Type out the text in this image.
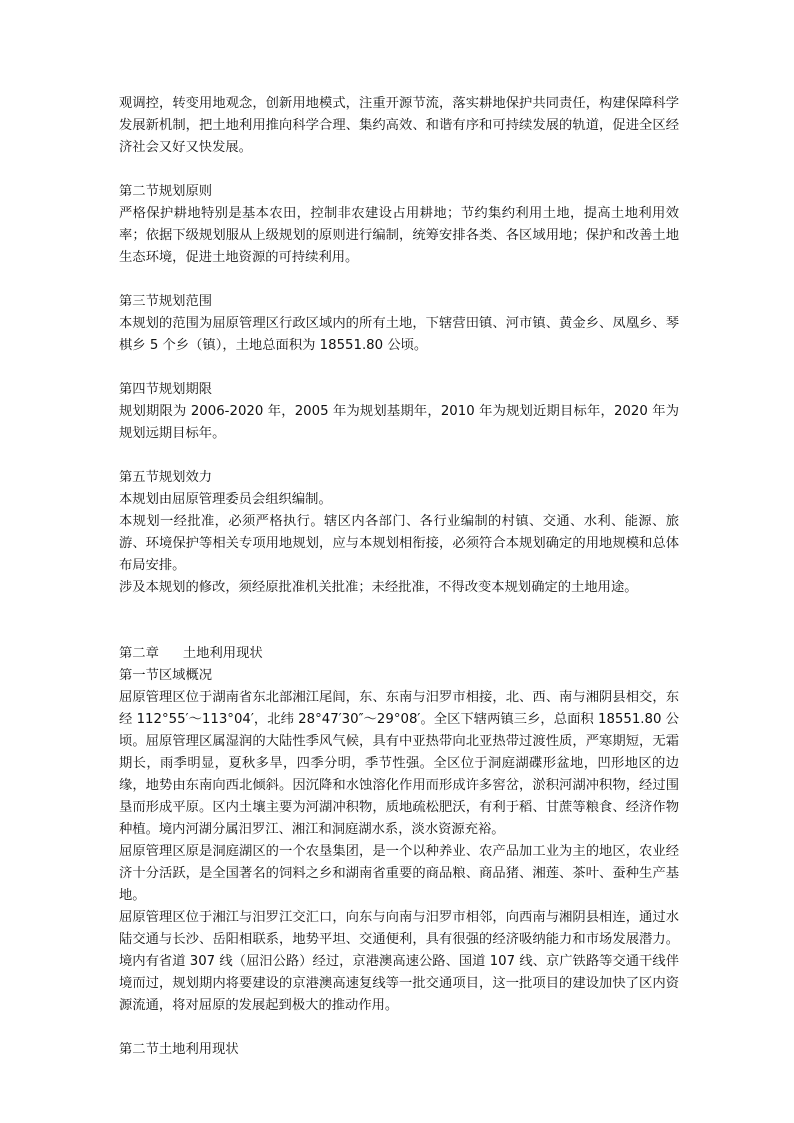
观调控，转变用地观念，创新用地模式，注重开源节流，落实耕地保护共同责任，构建保障科学发展新机制，把土地利用推向科学合理、集约高效、和谐有序和可持续发展的轨道，促进全区经济社会又好又快发展。

第二节规划原则

严格保护耕地特别是基本农田，控制非农建设占用耕地；节约集约利用土地，提高土地利用效率；依据下级规划服从上级规划的原则进行编制，统筹安排各类、各区域用地；保护和改善土地生态环境，促进土地资源的可持续利用。

第三节规划范围

本规划的范围为屈原管理区行政区域内的所有土地，下辖营田镇、河市镇、黄金乡、凤凰乡、琴棋乡 5 个乡（镇），土地总面积为 18551.80 公顷。

第四节规划期限

规划期限为 2006-2020 年，2005 年为规划基期年，2010 年为规划近期目标年，2020 年为规划远期目标年。

第五节规划效力

本规划由屈原管理委员会组织编制。

本规划一经批准，必须严格执行。辖区内各部门、各行业编制的村镇、交通、水利、能源、旅游、环境保护等相关专项用地规划，应与本规划相衔接，必须符合本规划确定的用地规模和总体布局安排。

涉及本规划的修改，须经原批准机关批准；未经批准，不得改变本规划确定的土地用途。

第二章 土地利用现状

第一节区域概况

屈原管理区位于湖南省东北部湘江尾闾，东、东南与汨罗市相接，北、西、南与湘阴县相交，东经 112°55′～113°04′，北纬 28°47′30″～29°08′。全区下辖两镇三乡，总面积 18551.80 公顷。屈原管理区属湿润的大陆性季风气候，具有中亚热带向北亚热带过渡性质，严寒期短，无霜期长，雨季明显，夏秋多旱，四季分明，季节性强。全区位于洞庭湖碟形盆地，凹形地区的边缘，地势由东南向西北倾斜。因沉降和水蚀溶化作用而形成许多窖岔，淤积河湖冲积物，经过围垦而形成平原。区内土壤主要为河湖冲积物，质地疏松肥沃，有利于稻、甘蔗等粮食、经济作物种植。境内河湖分属汨罗江、湘江和洞庭湖水系，淡水资源充裕。

屈原管理区原是洞庭湖区的一个农垦集团，是一个以种养业、农产品加工业为主的地区，农业经济十分活跃，是全国著名的饲料之乡和湖南省重要的商品粮、商品猪、湘莲、茶叶、蚕种生产基地。

屈原管理区位于湘江与汨罗江交汇口，向东与向南与汨罗市相邻，向西南与湘阴县相连，通过水陆交通与长沙、岳阳相联系，地势平坦、交通便利，具有很强的经济吸纳能力和市场发展潜力。境内有省道 307 线（屈汨公路）经过，京港澳高速公路、国道 107 线、京广铁路等交通干线伴境而过，规划期内将要建设的京港澳高速复线等一批交通项目，这一批项目的建设加快了区内资源流通，将对屈原的发展起到极大的推动作用。

第二节土地利用现状
